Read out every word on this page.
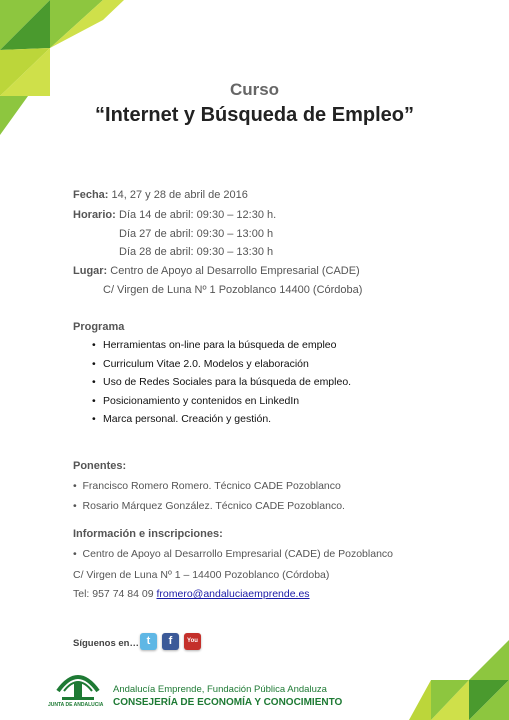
Curso
“Internet y Búsqueda de Empleo”
Fecha: 14, 27 y 28 de abril de 2016
Horario: Día 14 de abril: 09:30 – 12:30 h.
Día 27 de abril: 09:30 – 13:00 h
Día 28 de abril: 09:30 – 13:30 h
Lugar: Centro de Apoyo al Desarrollo Empresarial (CADE)
C/ Virgen de Luna Nº 1 Pozoblanco 14400 (Córdoba)
Programa
• Herramientas on-line para la búsqueda de empleo
• Curriculum Vitae 2.0. Modelos y elaboración
• Uso de Redes Sociales para la búsqueda de empleo.
• Posicionamiento y contenidos en LinkedIn
• Marca personal. Creación y gestión.
Ponentes:
•  Francisco Romero Romero. Técnico CADE Pozoblanco
•  Rosario Márquez González. Técnico CADE Pozoblanco.
Información e inscripciones:
•  Centro de Apoyo al Desarrollo Empresarial (CADE) de Pozoblanco
C/ Virgen de Luna Nº 1 – 14400 Pozoblanco (Córdoba)
Tel: 957 74 84 09 fromero@andaluciaemprende.es
Síguenos en… t	f	You
JUNTA DE ANDALUCIA
Andalucía Emprende, Fundación Pública Andaluza
CONSEJERÍA DE ECONOMÍA Y CONOCIMIENTO
